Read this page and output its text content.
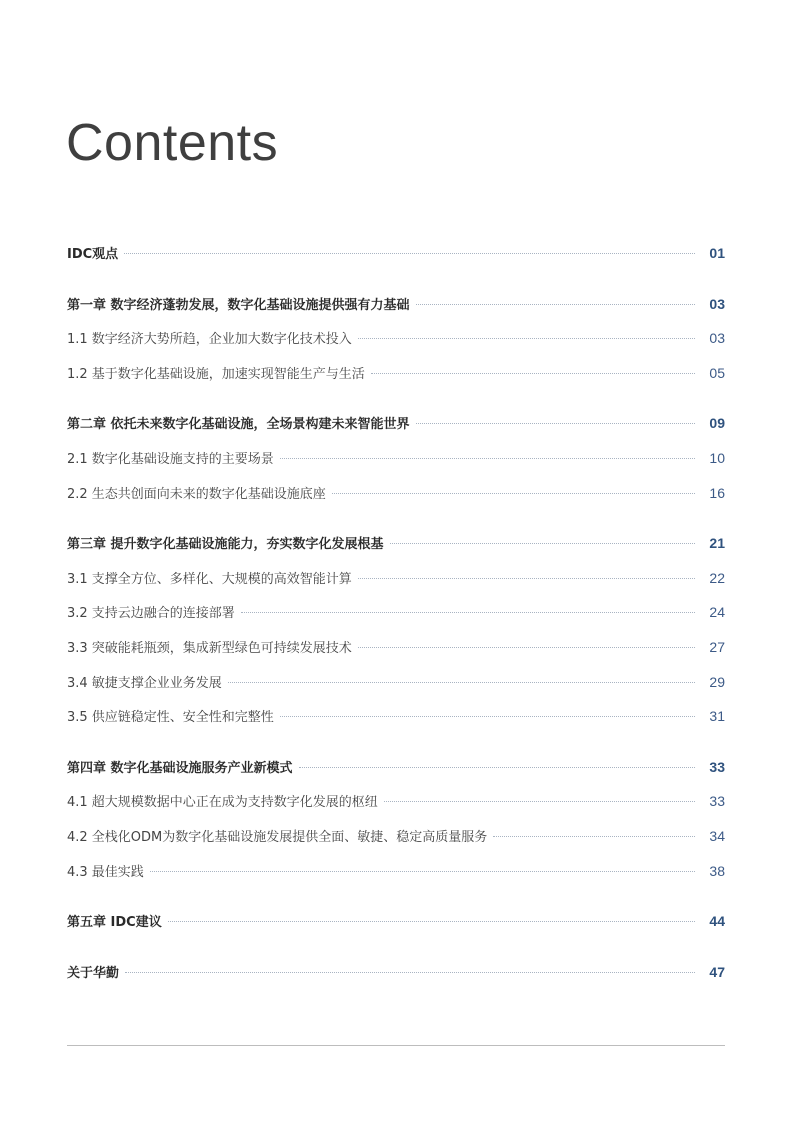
Contents
IDC观点	01
第一章 数字经济蓬勃发展，数字化基础设施提供强有力基础	03
1.1 数字经济大势所趋，企业加大数字化技术投入	03
1.2 基于数字化基础设施，加速实现智能生产与生活	05
第二章 依托未来数字化基础设施，全场景构建未来智能世界	09
2.1 数字化基础设施支持的主要场景	10
2.2 生态共创面向未来的数字化基础设施底座	16
第三章 提升数字化基础设施能力，夯实数字化发展根基	21
3.1 支撑全方位、多样化、大规模的高效智能计算	22
3.2 支持云边融合的连接部署	24
3.3 突破能耗瓶颈，集成新型绿色可持续发展技术	27
3.4 敏捷支撑企业业务发展	29
3.5 供应链稳定性、安全性和完整性	31
第四章 数字化基础设施服务产业新模式	33
4.1 超大规模数据中心正在成为支持数字化发展的枢纽	33
4.2 全栈化ODM为数字化基础设施发展提供全面、敏捷、稳定高质量服务	34
4.3 最佳实践	38
第五章 IDC建议	44
关于华勤	47
